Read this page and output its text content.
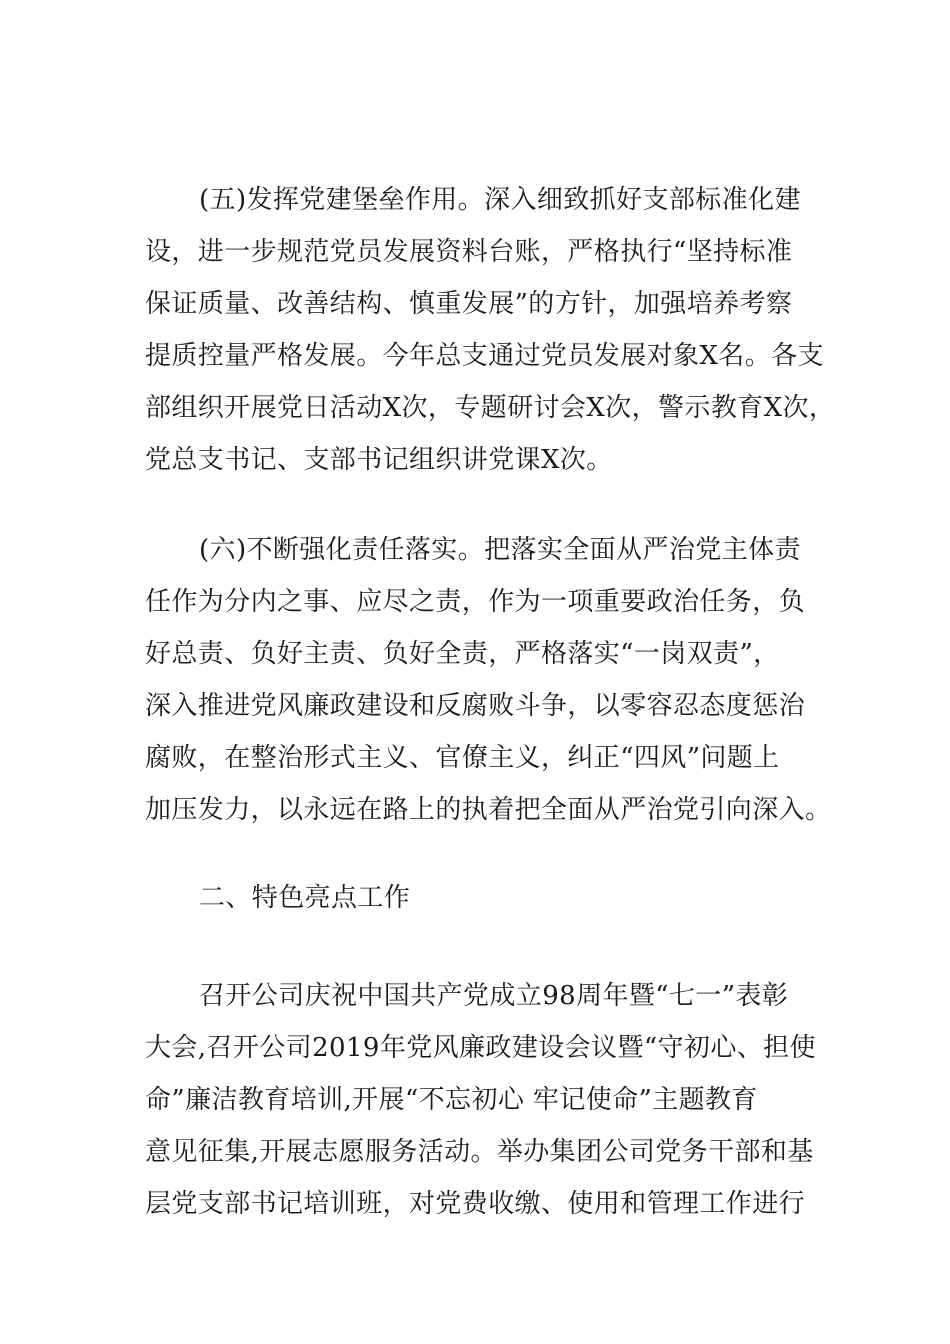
(五)发挥党建堡垒作用。深入细致抓好支部标准化建
设，进一步规范党员发展资料台账，严格执行“坚持标准
保证质量、改善结构、慎重发展”的方针，加强培养考察
提质控量严格发展。今年总支通过党员发展对象X名。各支
部组织开展党日活动X次，专题研讨会X次，警示教育X次，
党总支书记、支部书记组织讲党课X次。
(六)不断强化责任落实。把落实全面从严治党主体责
任作为分内之事、应尽之责，作为一项重要政治任务，负
好总责、负好主责、负好全责，严格落实“一岗双责”，
深入推进党风廉政建设和反腐败斗争，以零容忍态度惩治
腐败，在整治形式主义、官僚主义，纠正“四风”问题上
加压发力，以永远在路上的执着把全面从严治党引向深入。
二、特色亮点工作
召开公司庆祝中国共产党成立98周年暨“七一”表彰
大会,召开公司2019年党风廉政建设会议暨“守初心、担使
命”廉洁教育培训,开展“不忘初心 牢记使命”主题教育
意见征集,开展志愿服务活动。举办集团公司党务干部和基
层党支部书记培训班，对党费收缴、使用和管理工作进行
